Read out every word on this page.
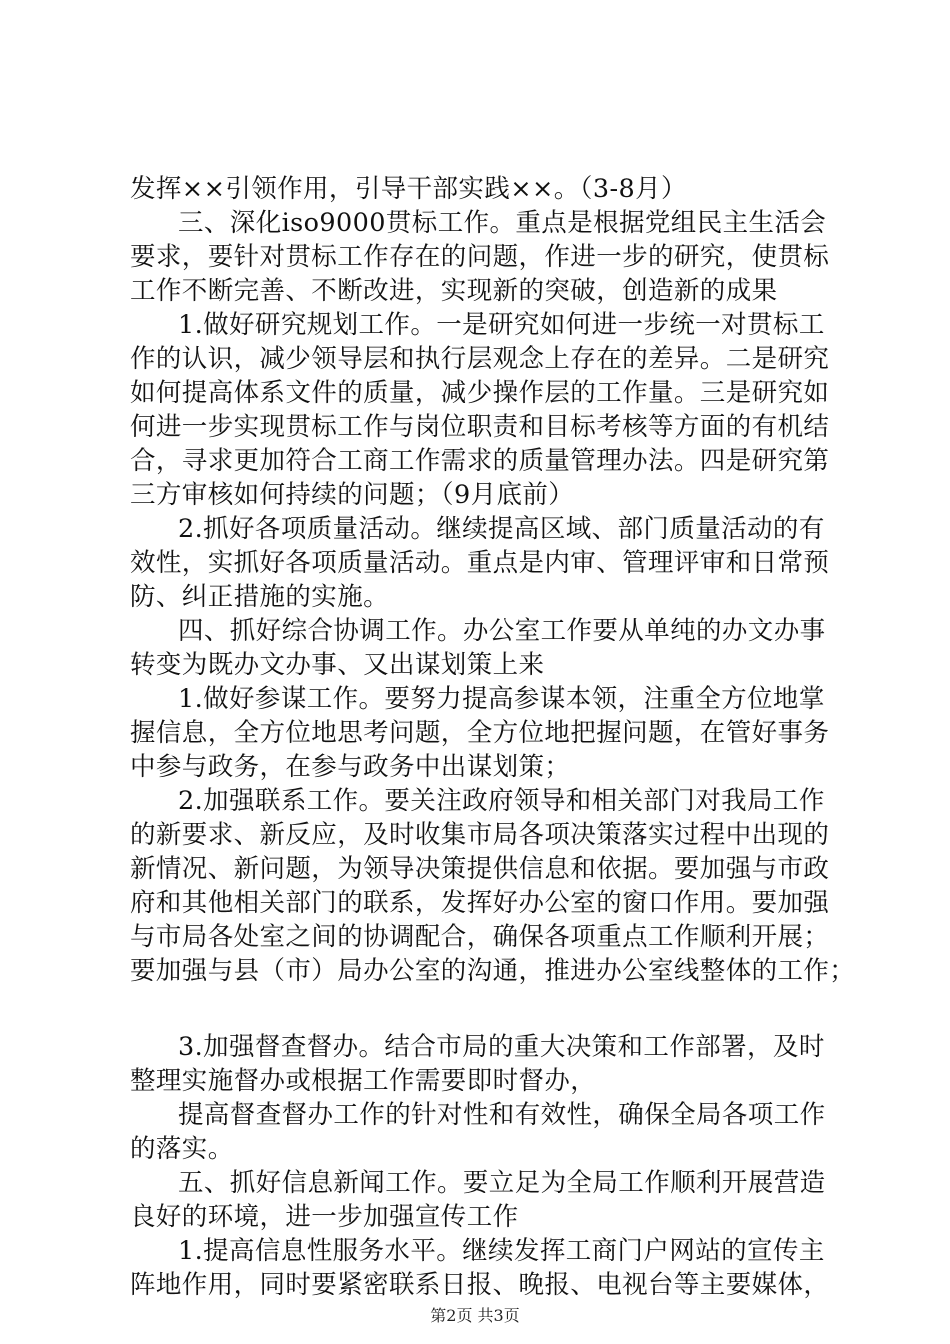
发挥××引领作用，引导干部实践××。（3-8月）
三、深化iso9000贯标工作。重点是根据党组民主生活会
要求，要针对贯标工作存在的问题，作进一步的研究，使贯标
工作不断完善、不断改进，实现新的突破，创造新的成果
1.做好研究规划工作。一是研究如何进一步统一对贯标工
作的认识，减少领导层和执行层观念上存在的差异。二是研究
如何提高体系文件的质量，减少操作层的工作量。三是研究如
何进一步实现贯标工作与岗位职责和目标考核等方面的有机结
合，寻求更加符合工商工作需求的质量管理办法。四是研究第
三方审核如何持续的问题；（9月底前）
2.抓好各项质量活动。继续提高区域、部门质量活动的有
效性，实抓好各项质量活动。重点是内审、管理评审和日常预
防、纠正措施的实施。
四、抓好综合协调工作。办公室工作要从单纯的办文办事
转变为既办文办事、又出谋划策上来
1.做好参谋工作。要努力提高参谋本领，注重全方位地掌
握信息，全方位地思考问题，全方位地把握问题，在管好事务
中参与政务，在参与政务中出谋划策；
2.加强联系工作。要关注政府领导和相关部门对我局工作
的新要求、新反应，及时收集市局各项决策落实过程中出现的
新情况、新问题，为领导决策提供信息和依据。要加强与市政
府和其他相关部门的联系，发挥好办公室的窗口作用。要加强
与市局各处室之间的协调配合，确保各项重点工作顺利开展；
要加强与县（市）局办公室的沟通，推进办公室线整体的工作；
3.加强督查督办。结合市局的重大决策和工作部署，及时
整理实施督办或根据工作需要即时督办，
提高督查督办工作的针对性和有效性，确保全局各项工作
的落实。
五、抓好信息新闻工作。要立足为全局工作顺利开展营造
良好的环境，进一步加强宣传工作
1.提高信息性服务水平。继续发挥工商门户网站的宣传主
阵地作用，同时要紧密联系日报、晚报、电视台等主要媒体，
第2页 共3页
